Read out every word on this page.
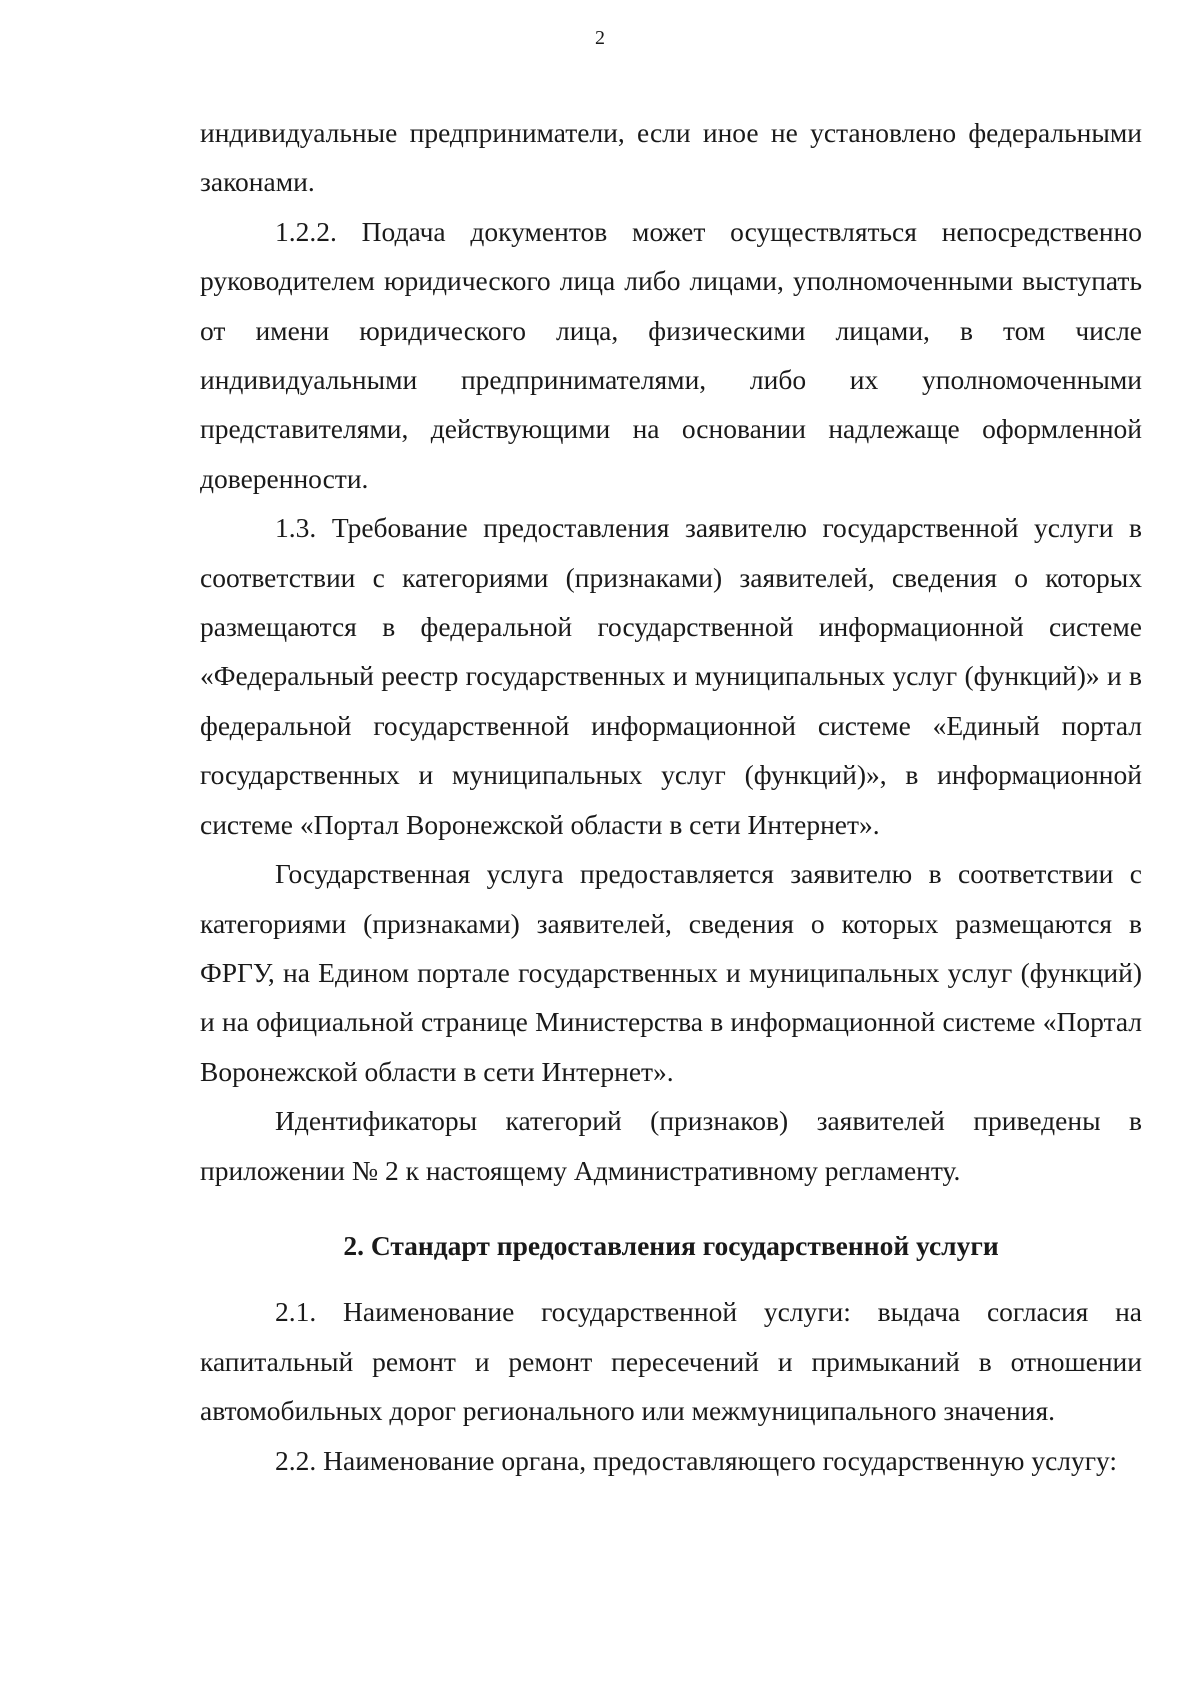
2

индивидуальные предприниматели, если иное не установлено федеральными законами.

1.2.2. Подача документов может осуществляться непосредственно руководителем юридического лица либо лицами, уполномоченными выступать от имени юридического лица, физическими лицами, в том числе индивидуальными предпринимателями, либо их уполномоченными представителями, действующими на основании надлежаще оформленной доверенности.

1.3. Требование предоставления заявителю государственной услуги в соответствии с категориями (признаками) заявителей, сведения о которых размещаются в федеральной государственной информационной системе «Федеральный реестр государственных и муниципальных услуг (функций)» и в федеральной государственной информационной системе «Единый портал государственных и муниципальных услуг (функций)», в информационной системе «Портал Воронежской области в сети Интернет».

Государственная услуга предоставляется заявителю в соответствии с категориями (признаками) заявителей, сведения о которых размещаются в ФРГУ, на Едином портале государственных и муниципальных услуг (функций) и на официальной странице Министерства в информационной системе «Портал Воронежской области в сети Интернет».

Идентификаторы категорий (признаков) заявителей приведены в приложении № 2 к настоящему Административному регламенту.

2. Стандарт предоставления государственной услуги

2.1. Наименование государственной услуги: выдача согласия на капитальный ремонт и ремонт пересечений и примыканий в отношении автомобильных дорог регионального или межмуниципального значения.

2.2. Наименование органа, предоставляющего государственную услугу:
